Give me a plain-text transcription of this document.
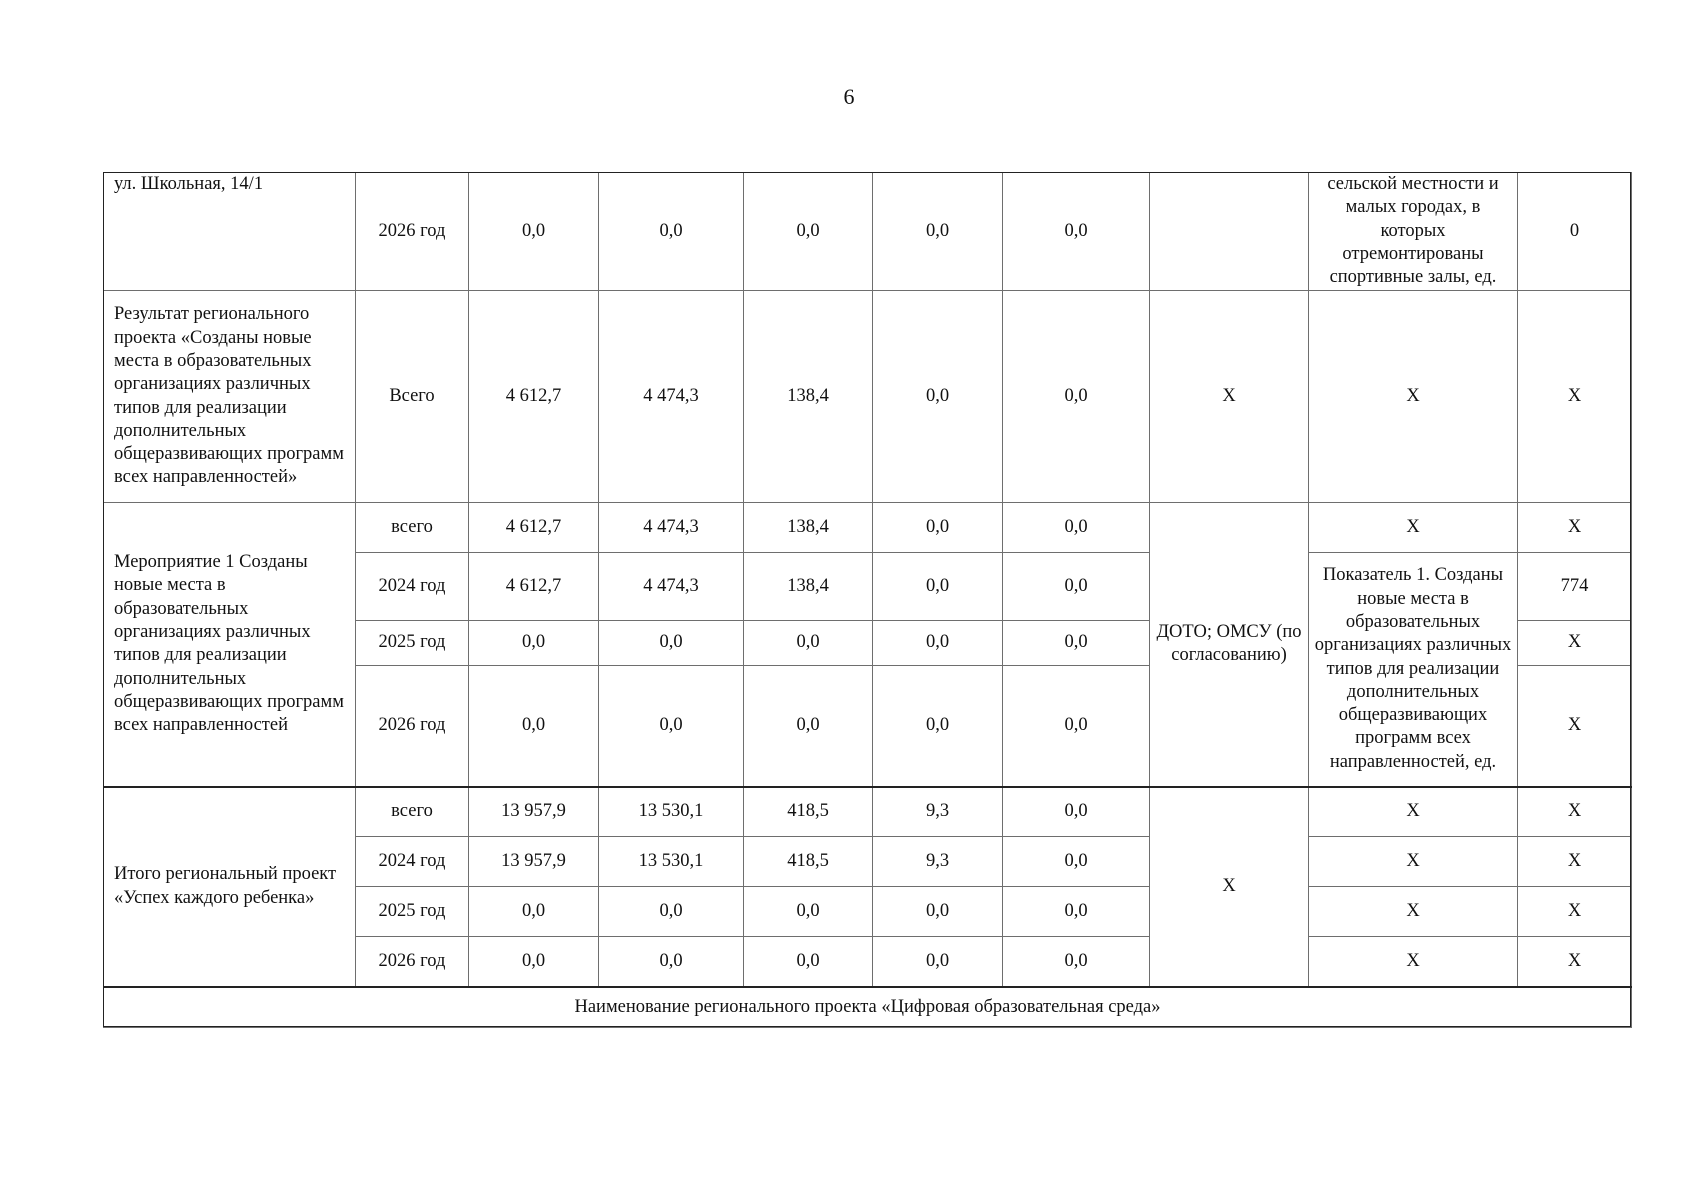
6
ул. Школьная, 14/1	2026 год	0,0	0,0	0,0	0,0	0,0		сельской местности и малых городах, в которых отремонтированы спортивные залы, ед.	0
Результат регионального проекта «Созданы новые места в образовательных организациях различных типов для реализации дополнительных общеразвивающих программ всех направленностей»	Всего	4 612,7	4 474,3	138,4	0,0	0,0	X	X	X
Мероприятие 1 Созданы новые места в образовательных организациях различных типов для реализации дополнительных общеразвивающих программ всех направленностей	всего	4 612,7	4 474,3	138,4	0,0	0,0	ДОТО; ОМСУ (по согласованию)	X	X
	2024 год	4 612,7	4 474,3	138,4	0,0	0,0		Показатель 1. Созданы новые места в образовательных организациях различных типов для реализации дополнительных общеразвивающих программ всех направленностей, ед.	774
	2025 год	0,0	0,0	0,0	0,0	0,0			X
	2026 год	0,0	0,0	0,0	0,0	0,0			X
Итого региональный проект «Успех каждого ребенка»	всего	13 957,9	13 530,1	418,5	9,3	0,0	X	X	X
	2024 год	13 957,9	13 530,1	418,5	9,3	0,0		X	X
	2025 год	0,0	0,0	0,0	0,0	0,0		X	X
	2026 год	0,0	0,0	0,0	0,0	0,0		X	X
Наименование регионального проекта «Цифровая образовательная среда»									
